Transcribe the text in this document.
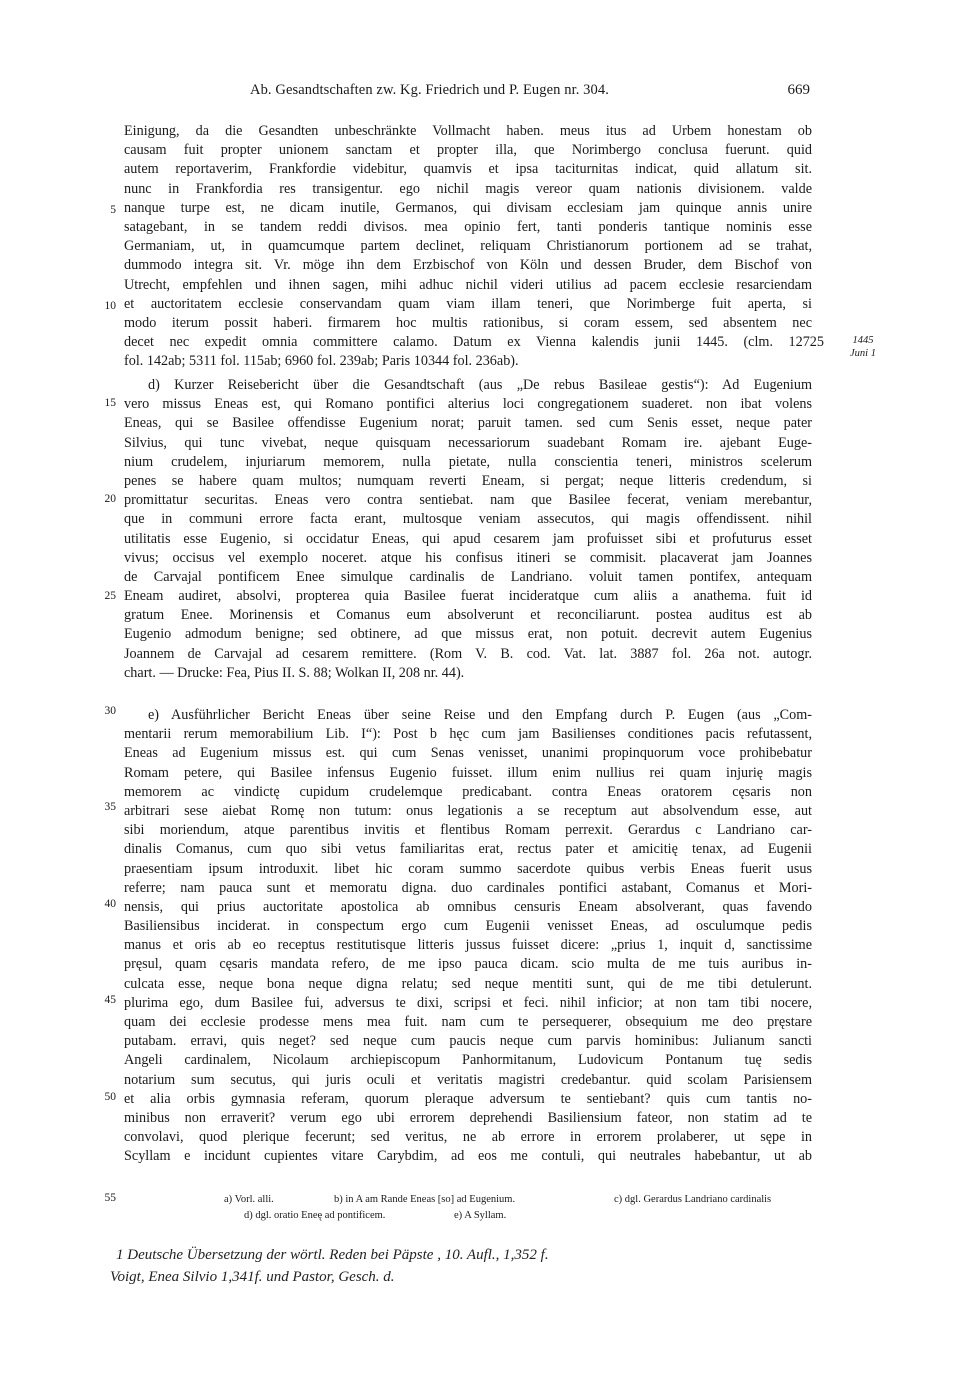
Ab. Gesandtschaften zw. Kg. Friedrich und P. Eugen nr. 304.	669
1445
Juni 1
5
10
15
20
25
30
35
40
45
50
55
Einigung, da die Gesandten unbeschränkte Vollmacht haben. meus itus ad Urbem honestam ob
causam fuit propter unionem sanctam et propter illa, que Norimbergo conclusa fuerunt. quid
autem reportaverim, Frankfordie videbitur, quamvis et ipsa taciturnitas indicat, quid allatum sit.
nunc in Frankfordia res transigentur. ego nichil magis vereor quam nationis divisionem. valde
nanque turpe est, ne dicam inutile, Germanos, qui divisam ecclesiam jam quinque annis unire
satagebant, in se tandem reddi divisos. mea opinio fert, tanti ponderis tantique nominis esse
Germaniam, ut, in quamcumque partem declinet, reliquam Christianorum portionem ad se trahat,
dummodo integra sit. Vr. möge ihn dem Erzbischof von Köln und dessen Bruder, dem Bischof von
Utrecht, empfehlen und ihnen sagen, mihi adhuc nichil videri utilius ad pacem ecclesie resarciendam
et auctoritatem ecclesie conservandam quam viam illam teneri, que Norimberge fuit aperta, si
modo iterum possit haberi. firmarem hoc multis rationibus, si coram essem, sed absentem nec
decet nec expedit omnia committere calamo. Datum ex Vienna kalendis junii 1445. (clm. 12725
fol. 142ab; 5311 fol. 115ab; 6960 fol. 239ab; Paris 10344 fol. 236ab).
d) Kurzer Reisebericht über die Gesandtschaft (aus „De rebus Basileae gestis“): Ad Eugenium
vero missus Eneas est, qui Romano pontifici alterius loci congregationem suaderet. non ibat volens
Eneas, qui se Basilee offendisse Eugenium norat; paruit tamen. sed cum Senis esset, neque pater
Silvius, qui tunc vivebat, neque quisquam necessariorum suadebant Romam ire. ajebant Euge-
nium crudelem, injuriarum memorem, nulla pietate, nulla conscientia teneri, ministros scelerum
penes se habere quam multos; numquam reverti Eneam, si pergat; neque litteris credendum, si
promittatur securitas. Eneas vero contra sentiebat. nam que Basilee fecerat, veniam merebantur,
que in communi errore facta erant, multosque veniam assecutos, qui magis offendissent. nihil
utilitatis esse Eugenio, si occidatur Eneas, qui apud cesarem jam profuisset sibi et profuturus esset
vivus; occisus vel exemplo noceret. atque his confisus itineri se commisit. placaverat jam Joannes
de Carvajal pontificem Enee simulque cardinalis de Landriano. voluit tamen pontifex, antequam
Eneam audiret, absolvi, propterea quia Basilee fuerat incideratque cum aliis a anathema. fuit id
gratum Enee. Morinensis et Comanus eum absolverunt et reconciliarunt. postea auditus est ab
Eugenio admodum benigne; sed obtinere, ad que missus erat, non potuit. decrevit autem Eugenius
Joannem de Carvajal ad cesarem remittere. (Rom V. B. cod. Vat. lat. 3887 fol. 26a not. autogr.
chart. — Drucke: Fea, Pius II. S. 88; Wolkan II, 208 nr. 44).
e) Ausführlicher Bericht Eneas über seine Reise und den Empfang durch P. Eugen (aus „Com-
mentarii rerum memorabilium Lib. I“): Post b hęc cum jam Basilienses conditiones pacis refutassent,
Eneas ad Eugenium missus est. qui cum Senas venisset, unanimi propinquorum voce prohibebatur
Romam petere, qui Basilee infensus Eugenio fuisset. illum enim nullius rei quam injurię magis
memorem ac vindictę cupidum crudelemque predicabant. contra Eneas oratorem cęsaris non
arbitrari sese aiebat Romę non tutum: onus legationis a se receptum aut absolvendum esse, aut
sibi moriendum, atque parentibus invitis et flentibus Romam perrexit. Gerardus c Landriano car-
dinalis Comanus, cum quo sibi vetus familiaritas erat, rectus pater et amicitię tenax, ad Eugenii
praesentiam ipsum introduxit. libet hic coram summo sacerdote quibus verbis Eneas fuerit usus
referre; nam pauca sunt et memoratu digna. duo cardinales pontifici astabant, Comanus et Mori-
nensis, qui prius auctoritate apostolica ab omnibus censuris Eneam absolverant, quas favendo
Basiliensibus inciderat. in conspectum ergo cum Eugenii venisset Eneas, ad osculumque pedis
manus et oris ab eo receptus restitutisque litteris jussus fuisset dicere: „prius 1, inquit d, sanctissime
pręsul, quam cęsaris mandata refero, de me ipso pauca dicam. scio multa de me tuis auribus in-
culcata esse, neque bona neque digna relatu; sed neque mentiti sunt, qui de me tibi detulerunt.
plurima ego, dum Basilee fui, adversus te dixi, scripsi et feci. nihil inficior; at non tam tibi nocere,
quam dei ecclesie prodesse mens mea fuit. nam cum te persequerer, obsequium me deo pręstare
putabam. erravi, quis neget? sed neque cum paucis neque cum parvis hominibus: Julianum sancti
Angeli cardinalem, Nicolaum archiepiscopum Panhormitanum, Ludovicum Pontanum tuę sedis
notarium sum secutus, qui juris oculi et veritatis magistri credebantur. quid scolam Parisiensem
et alia orbis gymnasia referam, quorum pleraque adversum te sentiebant? quis cum tantis no-
minibus non erraverit? verum ego ubi errorem deprehendi Basiliensium fateor, non statim ad te
convolavi, quod plerique fecerunt; sed veritus, ne ab errore in errorem prolaberer, ut sępe in
Scyllam e incidunt cupientes vitare Carybdim, ad eos me contuli, qui neutrales habebantur, ut ab
a) Vorl. alli.	b) in A am Rande Eneas [so] ad Eugenium.	c) dgl. Gerardus Landriano cardinalis
d) dgl. oratio Eneę ad pontificem.	e) A Syllam.
1 Deutsche Übersetzung der wörtl. Reden bei Päpste , 10. Aufl., 1,352 f.
Voigt, Enea Silvio 1,341f. und Pastor, Gesch. d.
